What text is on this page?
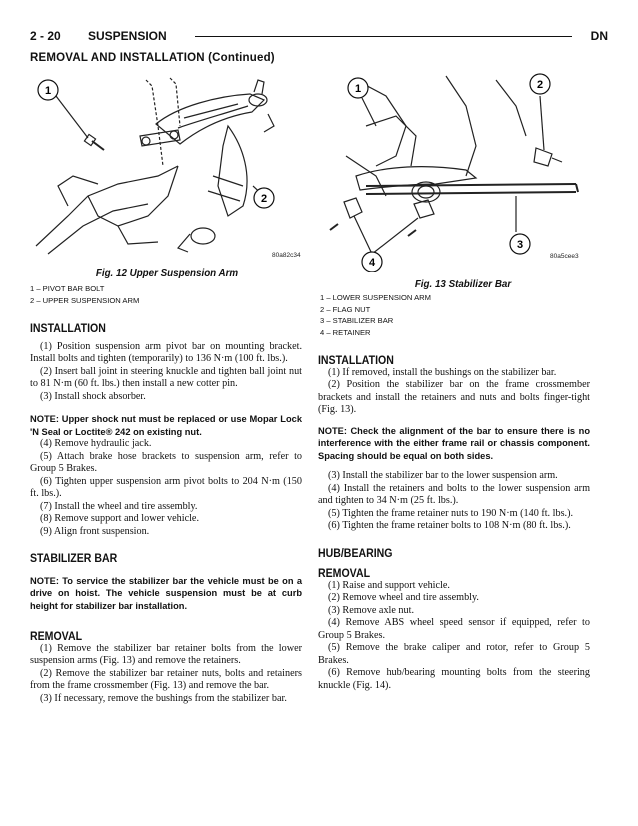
2 - 20 SUSPENSION	DN
REMOVAL AND INSTALLATION (Continued)
1
2
80a82c34
Fig. 12 Upper Suspension Arm
1 – PIVOT BAR BOLT
2 – UPPER SUSPENSION ARM
1	2
3
4
80a5cee3
Fig. 13 Stabilizer Bar
1 – LOWER SUSPENSION ARM
2 – FLAG NUT
3 – STABILIZER BAR
4 – RETAINER
INSTALLATION

(1) Position suspension arm pivot bar on mounting bracket. Install bolts and tighten (temporarily) to 136 N·m (100 ft. lbs.).

(2) Insert ball joint in steering knuckle and tighten ball joint nut to 81 N·m (60 ft. lbs.) then install a new cotter pin.

(3) Install shock absorber.

NOTE: Upper shock nut must be replaced or use Mopar Lock 'N Seal or Loctite® 242 on existing nut.

(4) Remove hydraulic jack.

(5) Attach brake hose brackets to suspension arm, refer to Group 5 Brakes.

(6) Tighten upper suspension arm pivot bolts to 204 N·m (150 ft. lbs.).

(7) Install the wheel and tire assembly.

(8) Remove support and lower vehicle.

(9) Align front suspension.

STABILIZER BAR

NOTE: To service the stabilizer bar the vehicle must be on a drive on hoist. The vehicle suspension must be at curb height for stabilizer bar installation.

REMOVAL

(1) Remove the stabilizer bar retainer bolts from the lower suspension arms (Fig. 13) and remove the retainers.

(2) Remove the stabilizer bar retainer nuts, bolts and retainers from the frame crossmember (Fig. 13) and remove the bar.

(3) If necessary, remove the bushings from the stabilizer bar.

INSTALLATION

(1) If removed, install the bushings on the stabilizer bar.

(2) Position the stabilizer bar on the frame crossmember brackets and install the retainers and nuts and bolts finger-tight (Fig. 13).

NOTE: Check the alignment of the bar to ensure there is no interference with the either frame rail or chassis component. Spacing should be equal on both sides.

(3) Install the stabilizer bar to the lower suspension arm.

(4) Install the retainers and bolts to the lower suspension arm and tighten to 34 N·m (25 ft. lbs.).

(5) Tighten the frame retainer nuts to 190 N·m (140 ft. lbs.).

(6) Tighten the frame retainer bolts to 108 N·m (80 ft. lbs.).

HUB/BEARING
REMOVAL

(1) Raise and support vehicle.

(2) Remove wheel and tire assembly.

(3) Remove axle nut.

(4) Remove ABS wheel speed sensor if equipped, refer to Group 5 Brakes.

(5) Remove the brake caliper and rotor, refer to Group 5 Brakes.

(6) Remove hub/bearing mounting bolts from the steering knuckle (Fig. 14).
